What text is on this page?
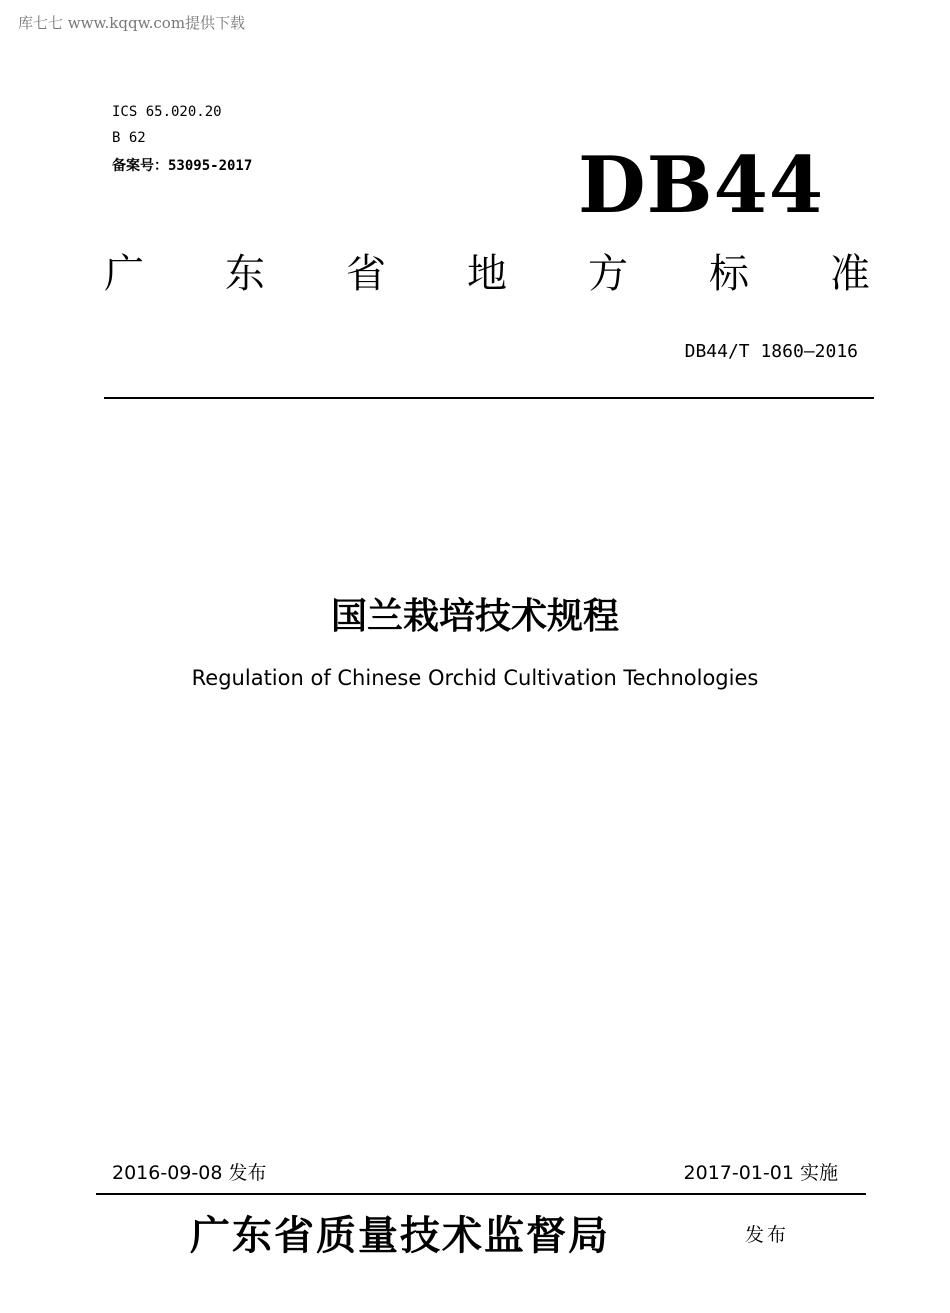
库七七 www.kqqw.com提供下载
ICS 65.020.20
B 62
备案号：53095-2017	DB44
广 东 省 地 方 标 准
DB44/T 1860—2016
国兰栽培技术规程
Regulation of Chinese Orchid Cultivation Technologies
2016-09-08 发布	2017-01-01 实施
广东省质量技术监督局	发布
